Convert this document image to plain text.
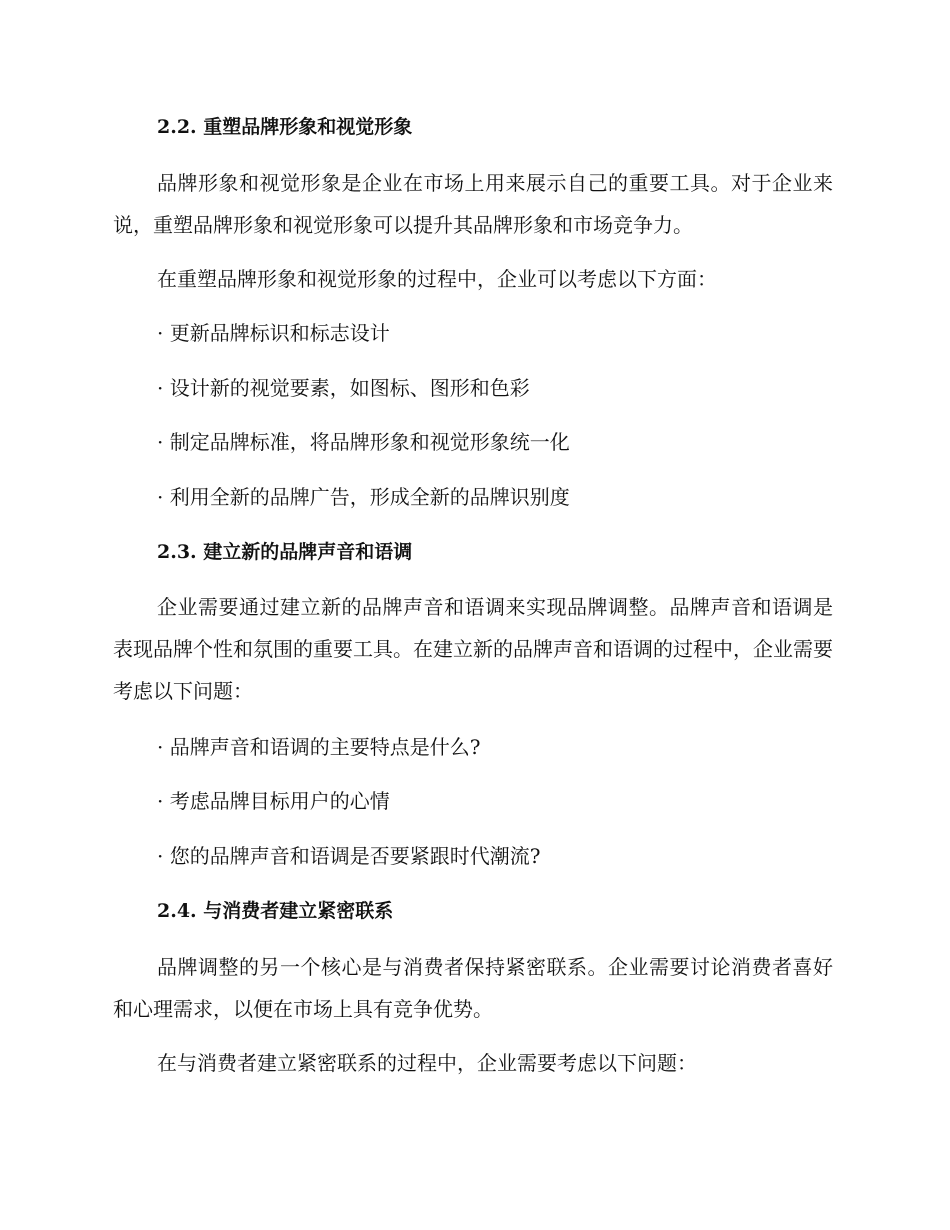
2.2. 重塑品牌形象和视觉形象

品牌形象和视觉形象是企业在市场上用来展示自己的重要工具。对于企业来说，重塑品牌形象和视觉形象可以提升其品牌形象和市场竞争力。

在重塑品牌形象和视觉形象的过程中，企业可以考虑以下方面：

· 更新品牌标识和标志设计

· 设计新的视觉要素，如图标、图形和色彩

· 制定品牌标准，将品牌形象和视觉形象统一化

· 利用全新的品牌广告，形成全新的品牌识别度

2.3. 建立新的品牌声音和语调

企业需要通过建立新的品牌声音和语调来实现品牌调整。品牌声音和语调是表现品牌个性和氛围的重要工具。在建立新的品牌声音和语调的过程中，企业需要考虑以下问题：

· 品牌声音和语调的主要特点是什么?

· 考虑品牌目标用户的心情

· 您的品牌声音和语调是否要紧跟时代潮流?

2.4. 与消费者建立紧密联系

品牌调整的另一个核心是与消费者保持紧密联系。企业需要讨论消费者喜好和心理需求，以便在市场上具有竞争优势。

在与消费者建立紧密联系的过程中，企业需要考虑以下问题：
